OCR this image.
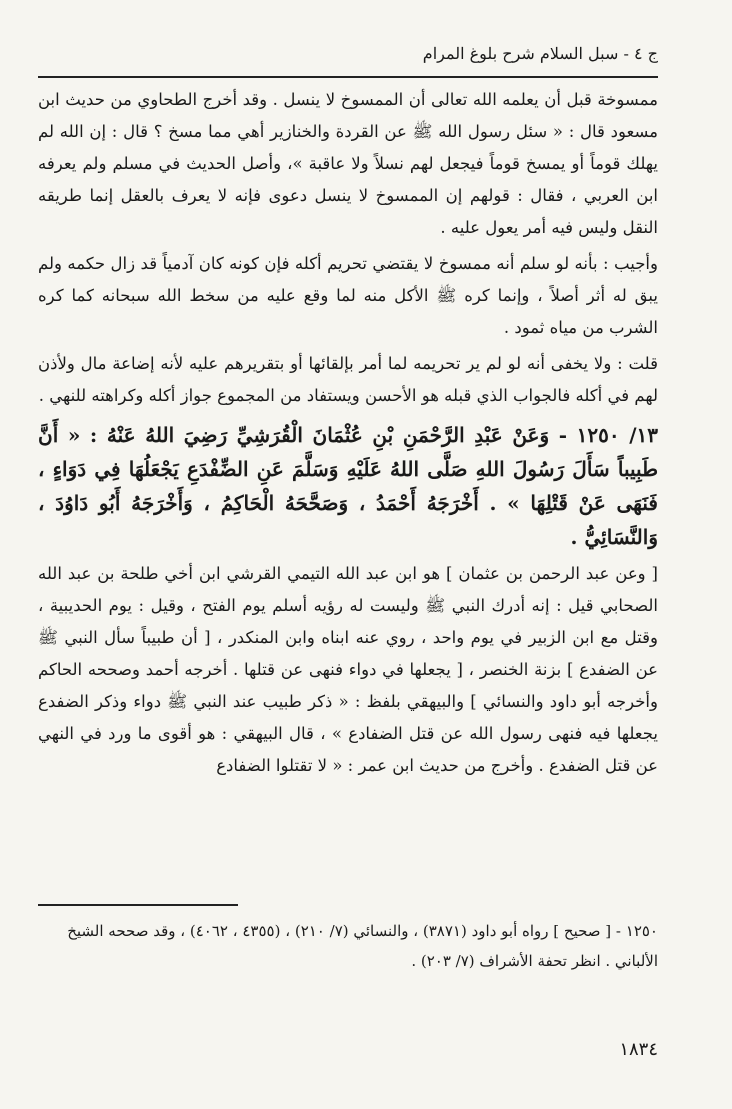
ج ٤ - سبل السلام شرح بلوغ المرام

ممسوخة قبل أن يعلمه الله تعالى أن الممسوخ لا ينسل . وقد أخرج الطحاوي من حديث ابن مسعود قال : « سئل رسول الله ﷺ عن القردة والخنازير أهي مما مسخ ؟ قال : إن الله لم يهلك قوماً أو يمسخ قوماً فيجعل لهم نسلاً ولا عاقبة »، وأصل الحديث في مسلم ولم يعرفه ابن العربي ، فقال : قولهم إن الممسوخ لا ينسل دعوى فإنه لا يعرف بالعقل إنما طريقه النقل وليس فيه أمر يعول عليه .

وأجيب : بأنه لو سلم أنه ممسوخ لا يقتضي تحريم أكله فإن كونه كان آدمياً قد زال حكمه ولم يبق له أثر أصلاً ، وإنما كره ﷺ الأكل منه لما وقع عليه من سخط الله سبحانه كما كره الشرب من مياه ثمود .

قلت : ولا يخفى أنه لو لم ير تحريمه لما أمر بإلقائها أو بتقريرهم عليه لأنه إضاعة مال ولأذن لهم في أكله فالجواب الذي قبله هو الأحسن ويستفاد من المجموع جواز أكله وكراهته للنهي .

١٣/ ١٢٥٠ - وَعَنْ عَبْدِ الرَّحْمَنِ بْنِ عُثْمَانَ الْقُرَشِيِّ رَضِيَ اللهُ عَنْهُ : « أَنَّ طَبِيباً سَأَلَ رَسُولَ اللهِ صَلَّى اللهُ عَلَيْهِ وَسَلَّمَ عَنِ الضِّفْدَعِ يَجْعَلُهَا فِي دَوَاءٍ ، فَنَهَى عَنْ قَتْلِهَا » . أَخْرَجَهُ أَحْمَدُ ، وَصَحَّحَهُ الْحَاكِمُ ، وَأَخْرَجَهُ أَبُو دَاوُدَ ، وَالنَّسَائِيُّ .

[ وعن عبد الرحمن بن عثمان ] هو ابن عبد الله التيمي القرشي ابن أخي طلحة بن عبد الله الصحابي قيل : إنه أدرك النبي ﷺ وليست له رؤيه أسلم يوم الفتح ، وقيل : يوم الحديبية ، وقتل مع ابن الزبير في يوم واحد ، روي عنه ابناه وابن المنكدر ، [ أن طبيباً سأل النبي ﷺ عن الضفدع ] بزنة الخنصر ، [ يجعلها في دواء فنهى عن قتلها . أخرجه أحمد وصححه الحاكم وأخرجه أبو داود والنسائي ] والبيهقي بلفظ : « ذكر طبيب عند النبي ﷺ دواء وذكر الضفدع يجعلها فيه فنهى رسول الله عن قتل الضفادع » ، قال البيهقي : هو أقوى ما ورد في النهي عن قتل الضفدع . وأخرج من حديث ابن عمر : « لا تقتلوا الضفادع

١٢٥٠ - [ صحيح ] رواه أبو داود (٣٨٧١) ، والنسائي (٧/ ٢١٠) ، (٤٣٥٥ ، ٤٠٦٢) ، وقد صححه الشيخ الألباني . انظر تحفة الأشراف (٧/ ٢٠٣) .

١٨٣٤
